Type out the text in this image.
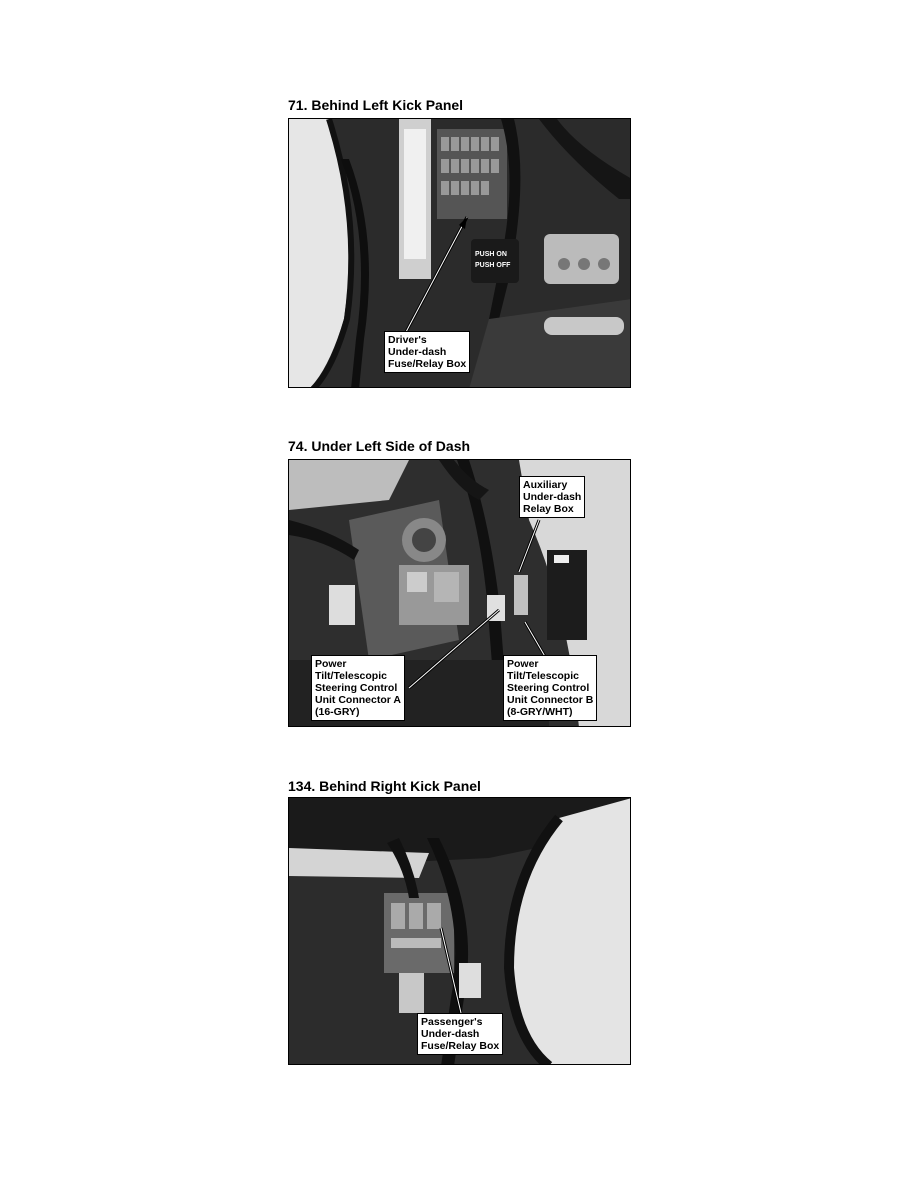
71. Behind Left Kick Panel
PUSH ON
PUSH OFF
Driver's
Under-dash
Fuse/Relay Box
74. Under Left Side of Dash
Auxiliary
Under-dash
Relay Box
Power
Tilt/Telescopic
Steering Control
Unit Connector A
(16-GRY)
Power
Tilt/Telescopic
Steering Control
Unit Connector B
(8-GRY/WHT)
134. Behind Right Kick Panel
Passenger's
Under-dash
Fuse/Relay Box
